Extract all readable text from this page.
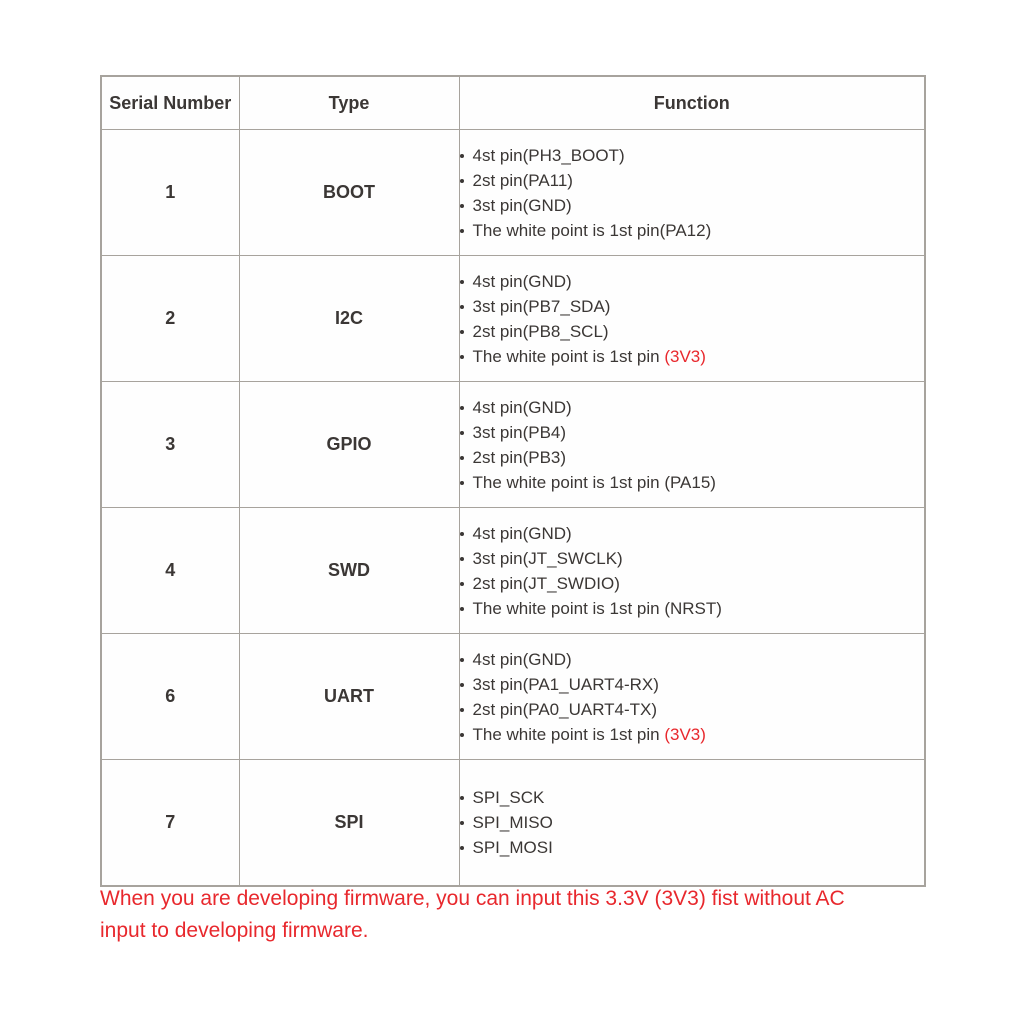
Serial Number	Type	Function
1	BOOT	4st pin(PH3_BOOT)
2st pin(PA11)
3st pin(GND)
The white point is 1st pin(PA12)

2	I2C	4st pin(GND)
3st pin(PB7_SDA)
2st pin(PB8_SCL)
The white point is 1st pin (3V3)

3	GPIO	4st pin(GND)
3st pin(PB4)
2st pin(PB3)
The white point is 1st pin (PA15)

4	SWD	4st pin(GND)
3st pin(JT_SWCLK)
2st pin(JT_SWDIO)
The white point is 1st pin (NRST)

6	UART	4st pin(GND)
3st pin(PA1_UART4-RX)
2st pin(PA0_UART4-TX)
The white point is 1st pin (3V3)

7	SPI	SPI_SCK
SPI_MISO
SPI_MOSI
When you are developing firmware, you can input this 3.3V (3V3) fist without AC
input to developing firmware.
